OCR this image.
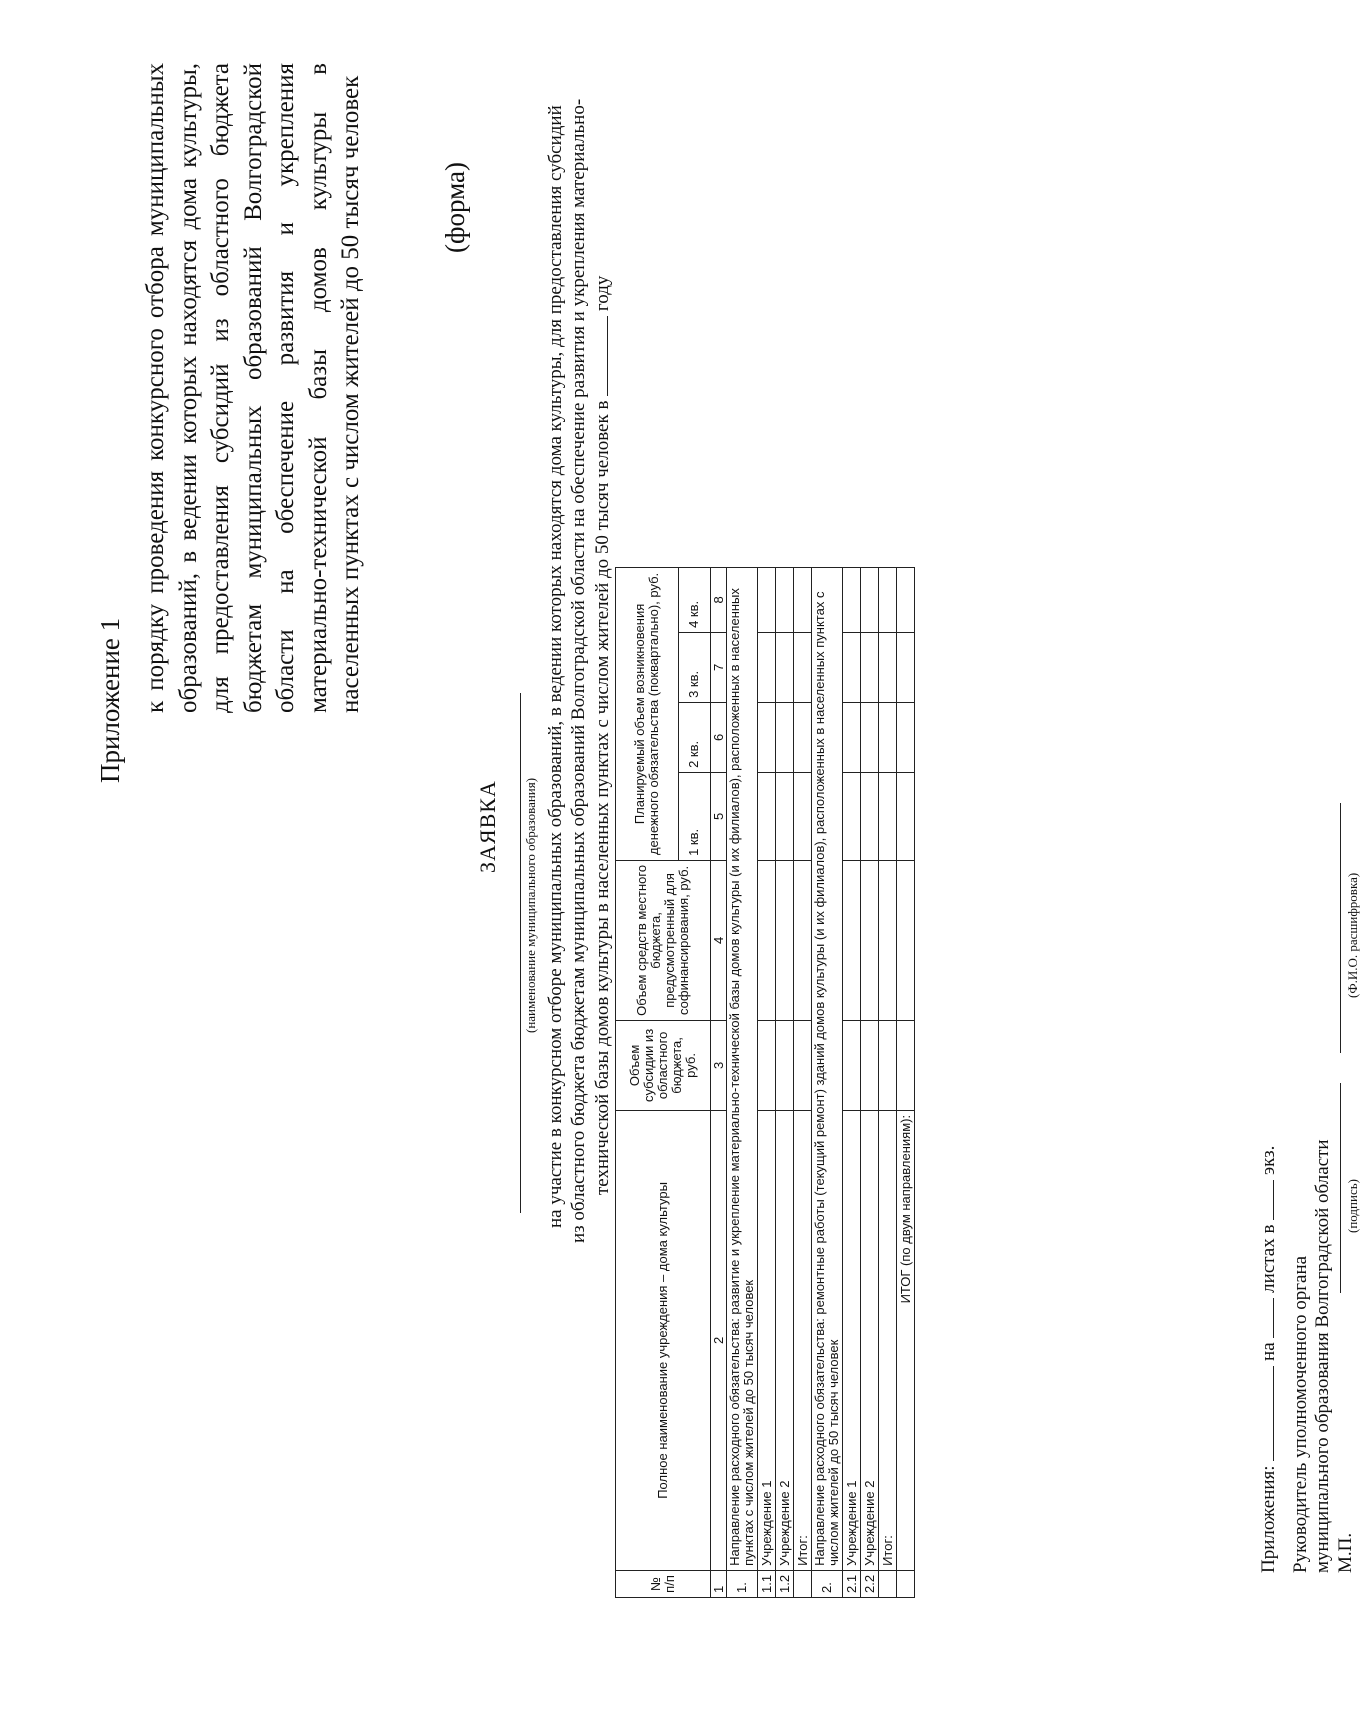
Приложение 1 к порядку проведения конкурсного отбора муниципальных образований, в ведении которых находятся дома культуры, для предоставления субсидий из областного бюджета бюджетам муниципальных образований Волгоградской области на обеспечение развития и укрепления материально-технической базы домов культуры в населенных пунктах с числом жителей до 50 тысяч человек	(форма)
ЗАЯВКА (наименование муниципального образования) на участие в конкурсном отборе муниципальных образований, в ведении которых находятся дома культуры, для предоставления субсидий из областного бюджета бюджетам муниципальных образований Волгоградской области на обеспечение развития и укрепления материально- технической базы домов культуры в населенных пунктах с числом жителей до 50 тысяч человек в  году
№ п/п	Полное наименование учреждения – дома культуры	Объем субсидии из областного бюджета, руб.	Объем средств местного бюджета, предусмотренный для софинансирования, руб.	Планируемый объем возникновения денежного обязательства (поквартально), руб.			
				1 кв.	2 кв.	3 кв.	4 кв.
1	2	3	4	5	6	7	8
1.	Направление расходного обязательства: развитие и укрепление материально-технической базы домов культуры (и их филиалов), расположенных в населенных пунктах с числом жителей до 50 тысяч человек						
1.1	Учреждение 1						
1.2	Учреждение 2						
	Итог:						
2.	Направление расходного обязательства: ремонтные работы (текущий ремонт) зданий домов культуры (и их филиалов), расположенных в населенных пунктах с числом жителей до 50 тысяч человек						
2.1	Учреждение 1						
2.2	Учреждение 2						
	Итог:						
	ИТОГ (по двум направлениям):						
Приложения:  на  листах в  экз.
Руководитель уполномоченного органа муниципального образования Волгоградской области М.П.
(подпись)
(Ф.И.О. расшифровка)
